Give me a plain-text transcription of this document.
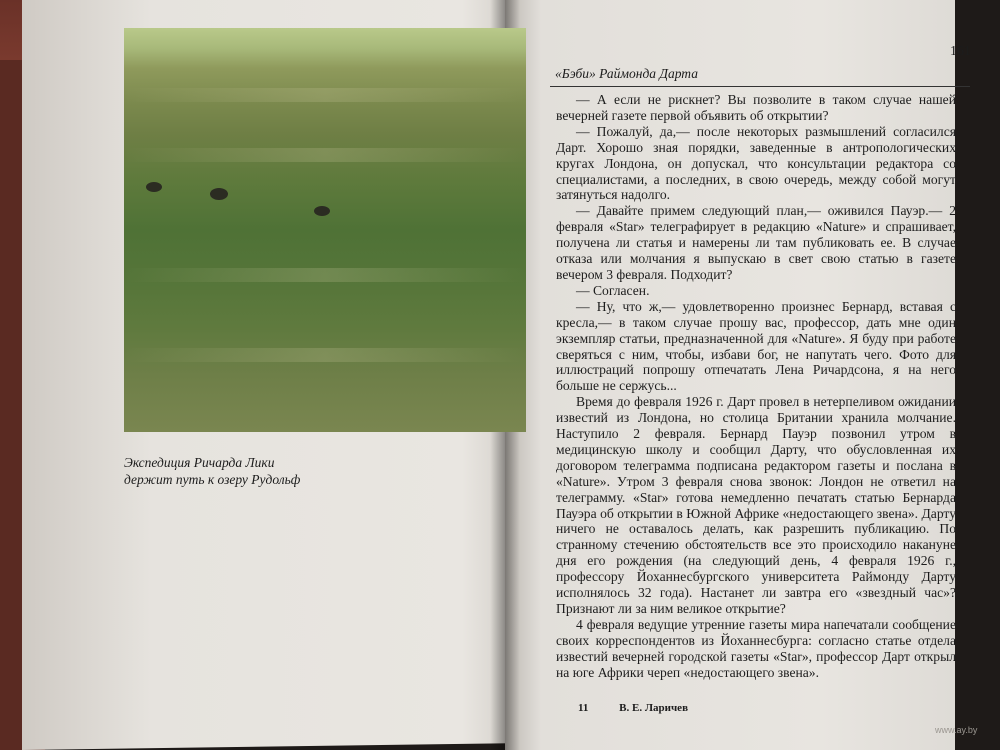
Экспедиция Ричарда Лики
держит путь к озеру Рудольф
161
«Бэби» Раймонда Дарта

— А если не рискнет? Вы позволите в таком случае нашей вечерней газете первой объявить об открытии?

— Пожалуй, да,— после некоторых размышлений согласился Дарт. Хорошо зная порядки, заведенные в антропологических кругах Лондона, он допускал, что консультации редактора со специалистами, а последних, в свою очередь, между собой могут затянуться надолго.

— Давайте примем следующий план,— оживился Пауэр.— 2 февраля «Star» телеграфирует в редакцию «Nature» и спрашивает, получена ли статья и намерены ли там публиковать ее. В случае отказа или молчания я выпускаю в свет свою статью в газете вечером 3 февраля. Подходит?

— Согласен.

— Ну, что ж,— удовлетворенно произнес Бернард, вставая с кресла,— в таком случае прошу вас, профессор, дать мне один экземпляр статьи, предназначенной для «Nature». Я буду при работе сверяться с ним, чтобы, избави бог, не напутать чего. Фото для иллюстраций попрошу отпечатать Лена Ричардсона, я на него больше не сержусь...

Время до февраля 1926 г. Дарт провел в нетерпеливом ожидании известий из Лондона, но столица Британии хранила молчание. Наступило 2 февраля. Бернард Пауэр позвонил утром в медицинскую школу и сообщил Дарту, что обусловленная их договором телеграмма подписана редактором газеты и послана в «Nature». Утром 3 февраля снова звонок: Лондон не ответил на телеграмму. «Star» готова немедленно печатать статью Бернарда Пауэра об открытии в Южной Африке «недостающего звена». Дарту ничего не оставалось делать, как разрешить публикацию. По странному стечению обстоятельств все это происходило накануне дня его рождения (на следующий день, 4 февраля 1926 г., профессору Йоханнесбургского университета Раймонду Дарту исполнялось 32 года). Настанет ли завтра его «звездный час»? Признают ли за ним великое открытие?

4 февраля ведущие утренние газеты мира напечатали сообщение своих корреспондентов из Йоханнесбурга: согласно статье отдела известий вечерней городской газеты «Star», профессор Дарт открыл на юге Африки череп «недостающего звена».

11	В. Е. Ларичев
www.ay.by
